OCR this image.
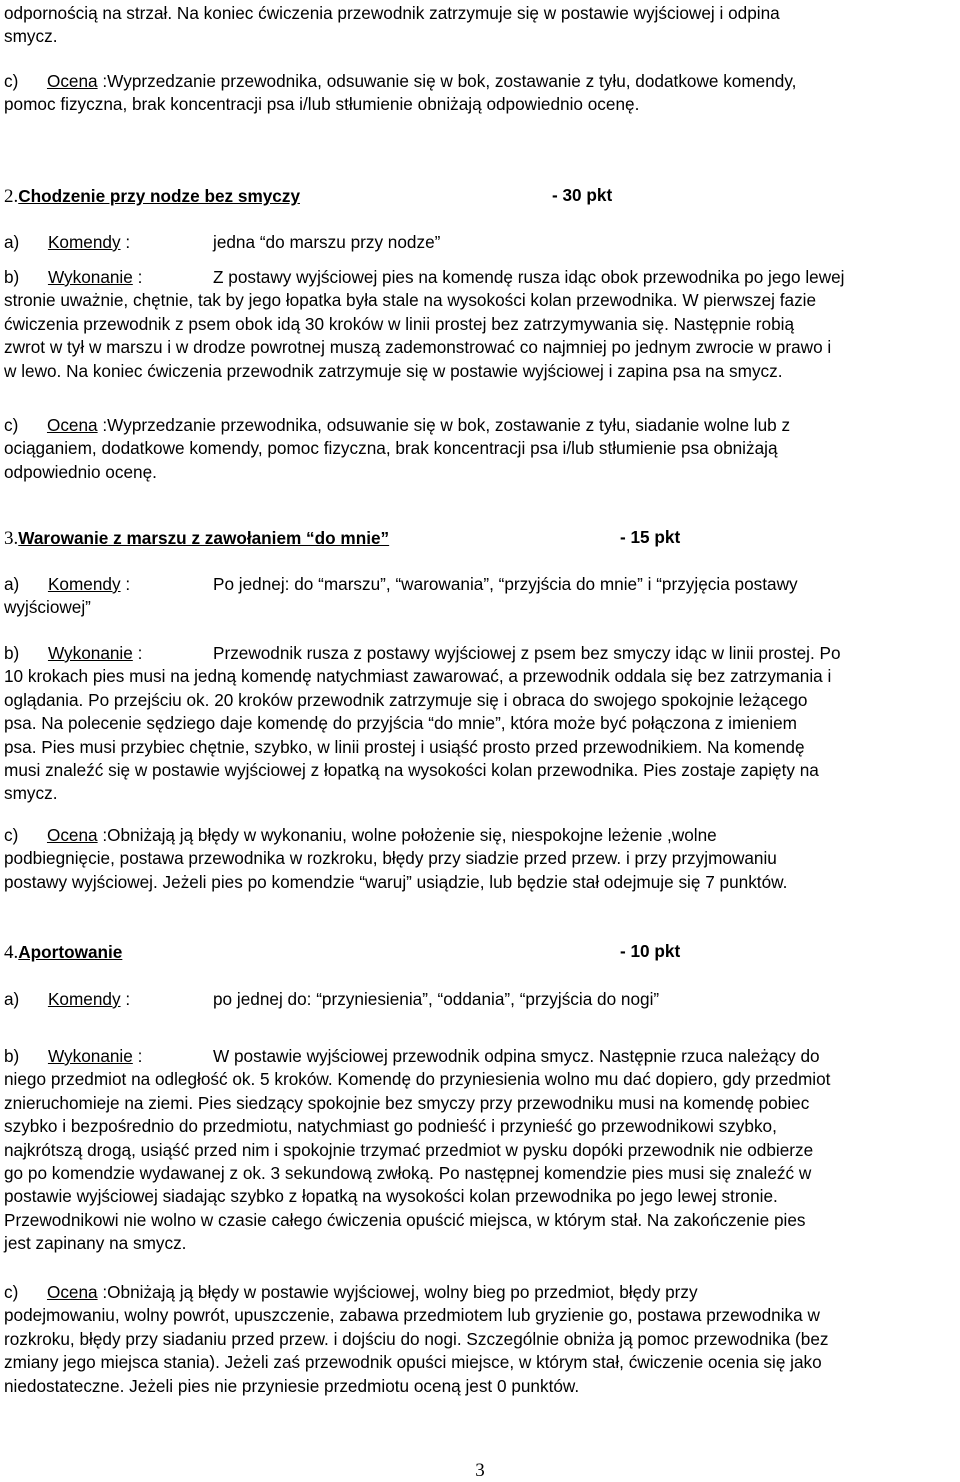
odpornością na strzał. Na koniec ćwiczenia przewodnik zatrzymuje się w postawie wyjściowej i odpina

smycz.

c)      Ocena :Wyprzedzanie przewodnika, odsuwanie się w bok, zostawanie z tyłu, dodatkowe komendy,

pomoc fizyczna, brak koncentracji psa i/lub stłumienie obniżają odpowiednio ocenę.

2.Chodzenie przy nodze bez smyczy	- 30 pkt
a)      Komendy :	jedna “do marszu przy nodze”
b)      Wykonanie :	Z postawy wyjściowej pies na komendę rusza idąc obok przewodnika po jego lewej

stronie uważnie, chętnie, tak by jego łopatka była stale na wysokości kolan przewodnika. W pierwszej fazie

ćwiczenia przewodnik z psem obok idą 30 kroków w linii prostej bez zatrzymywania się. Następnie robią

zwrot w tył w marszu i w drodze powrotnej muszą zademonstrować co najmniej po jednym zwrocie w prawo i

w lewo. Na koniec ćwiczenia przewodnik zatrzymuje się w postawie wyjściowej i zapina psa na smycz.

c)      Ocena :Wyprzedzanie przewodnika, odsuwanie się w bok, zostawanie z tyłu, siadanie wolne lub z

ociąganiem, dodatkowe komendy, pomoc fizyczna, brak koncentracji psa i/lub stłumienie psa obniżają

odpowiednio ocenę.

3.Warowanie z marszu z zawołaniem “do mnie”	- 15 pkt
a)      Komendy :	Po jednej: do “marszu”, “warowania”, “przyjścia do mnie” i “przyjęcia postawy

wyjściowej”

b)      Wykonanie :	Przewodnik rusza z postawy wyjściowej z psem bez smyczy idąc w linii prostej. Po

10 krokach pies musi na jedną komendę natychmiast zawarować, a przewodnik oddala się bez zatrzymania i

oglądania. Po przejściu ok. 20 kroków przewodnik zatrzymuje się i obraca do swojego spokojnie leżącego

psa. Na polecenie sędziego daje komendę do przyjścia “do mnie”, która może być połączona z imieniem

psa. Pies musi przybiec chętnie, szybko, w linii prostej i usiąść prosto przed przewodnikiem. Na komendę

musi znaleźć się w postawie wyjściowej z łopatką na wysokości kolan przewodnika. Pies zostaje zapięty na

smycz.

c)      Ocena :Obniżają ją błędy w wykonaniu, wolne położenie się, niespokojne leżenie ,wolne

podbiegnięcie, postawa przewodnika w rozkroku, błędy przy siadzie przed przew. i przy przyjmowaniu

postawy wyjściowej. Jeżeli pies po komendzie “waruj” usiądzie, lub będzie stał odejmuje się 7 punktów.

4.Aportowanie	- 10 pkt
a)      Komendy :	po jednej do: “przyniesienia”, “oddania”, “przyjścia do nogi”
b)      Wykonanie :	W postawie wyjściowej przewodnik odpina smycz. Następnie rzuca należący do

niego przedmiot na odległość ok. 5 kroków. Komendę do przyniesienia wolno mu dać dopiero, gdy przedmiot

znieruchomieje na ziemi. Pies siedzący spokojnie bez smyczy przy przewodniku musi na komendę pobiec

szybko i bezpośrednio do przedmiotu, natychmiast go podnieść i przynieść go przewodnikowi szybko,

najkrótszą drogą, usiąść przed nim i spokojnie trzymać przedmiot w pysku dopóki przewodnik nie odbierze

go po komendzie wydawanej z ok. 3 sekundową zwłoką. Po następnej komendzie pies musi się znaleźć w

postawie wyjściowej siadając szybko z łopatką na wysokości kolan przewodnika po jego lewej stronie.

Przewodnikowi nie wolno w czasie całego ćwiczenia opuścić miejsca, w którym stał. Na zakończenie pies

jest zapinany na smycz.

c)      Ocena :Obniżają ją błędy w postawie wyjściowej, wolny bieg po przedmiot, błędy przy

podejmowaniu, wolny powrót, upuszczenie, zabawa przedmiotem lub gryzienie go, postawa przewodnika w

rozkroku, błędy przy siadaniu przed przew. i dojściu do nogi. Szczególnie obniża ją pomoc przewodnika (bez

zmiany jego miejsca stania). Jeżeli zaś przewodnik opuści miejsce, w którym stał, ćwiczenie ocenia się jako

niedostateczne. Jeżeli pies nie przyniesie przedmiotu oceną jest 0 punktów.

3
